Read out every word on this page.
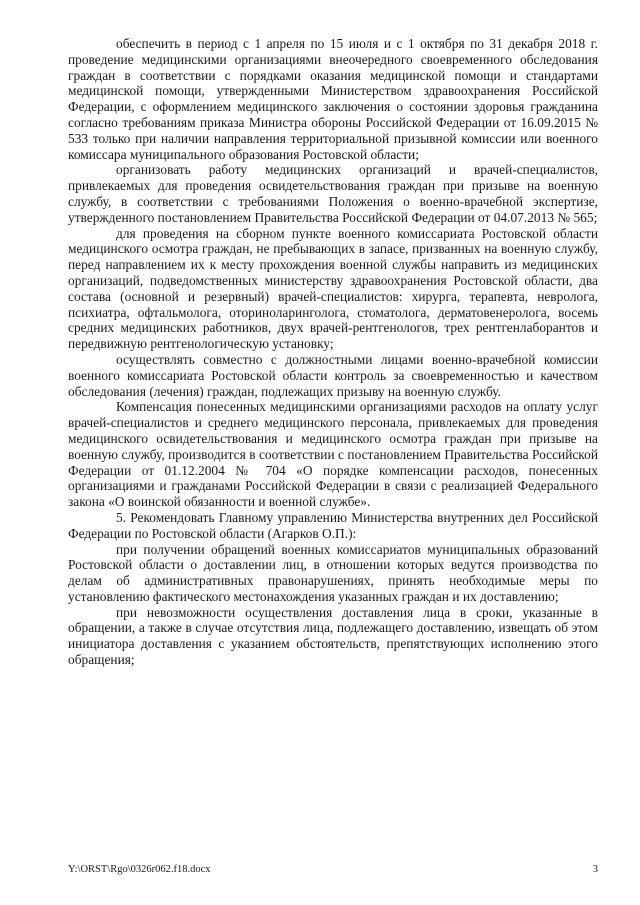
обеспечить в период с 1 апреля по 15 июля и с 1 октября по 31 декабря 2018 г. проведение медицинскими организациями внеочередного своевременного обследования граждан в соответствии с порядками оказания медицинской помощи и стандартами медицинской помощи, утвержденными Министерством здравоохранения Российской Федерации, с оформлением медицинского заключения о состоянии здоровья гражданина согласно требованиям приказа Министра обороны Российской Федерации от 16.09.2015 № 533 только при наличии направления территориальной призывной комиссии или военного комиссара муниципального образования Ростовской области;

организовать работу медицинских организаций и врачей-специалистов, привлекаемых для проведения освидетельствования граждан при призыве на военную службу, в соответствии с требованиями Положения о военно-врачебной экспертизе, утвержденного постановлением Правительства Российской Федерации от 04.07.2013 № 565;

для проведения на сборном пункте военного комиссариата Ростовской области медицинского осмотра граждан, не пребывающих в запасе, призванных на военную службу, перед направлением их к месту прохождения военной службы направить из медицинских организаций, подведомственных министерству здравоохранения Ростовской области, два состава (основной и резервный) врачей-специалистов: хирурга, терапевта, невролога, психиатра, офтальмолога, оториноларинголога, стоматолога, дерматовенеролога, восемь средних медицинских работников, двух врачей-рентгенологов, трех рентгенлаборантов и передвижную рентгенологическую установку;

осуществлять совместно с должностными лицами военно-врачебной комиссии военного комиссариата Ростовской области контроль за своевременностью и качеством обследования (лечения) граждан, подлежащих призыву на военную службу.

Компенсация понесенных медицинскими организациями расходов на оплату услуг врачей-специалистов и среднего медицинского персонала, привлекаемых для проведения медицинского освидетельствования и медицинского осмотра граждан при призыве на военную службу, производится в соответствии с постановлением Правительства Российской Федерации от 01.12.2004 № 704 «О порядке компенсации расходов, понесенных организациями и гражданами Российской Федерации в связи с реализацией Федерального закона «О воинской обязанности и военной службе».

5. Рекомендовать Главному управлению Министерства внутренних дел Российской Федерации по Ростовской области (Агарков О.П.):

при получении обращений военных комиссариатов муниципальных образований Ростовской области о доставлении лиц, в отношении которых ведутся производства по делам об административных правонарушениях, принять необходимые меры по установлению фактического местонахождения указанных граждан и их доставлению;

при невозможности осуществления доставления лица в сроки, указанные в обращении, а также в случае отсутствия лица, подлежащего доставлению, извещать об этом инициатора доставления с указанием обстоятельств, препятствующих исполнению этого обращения;

Y:\ORST\Rgo\0326r062.f18.docx	3
